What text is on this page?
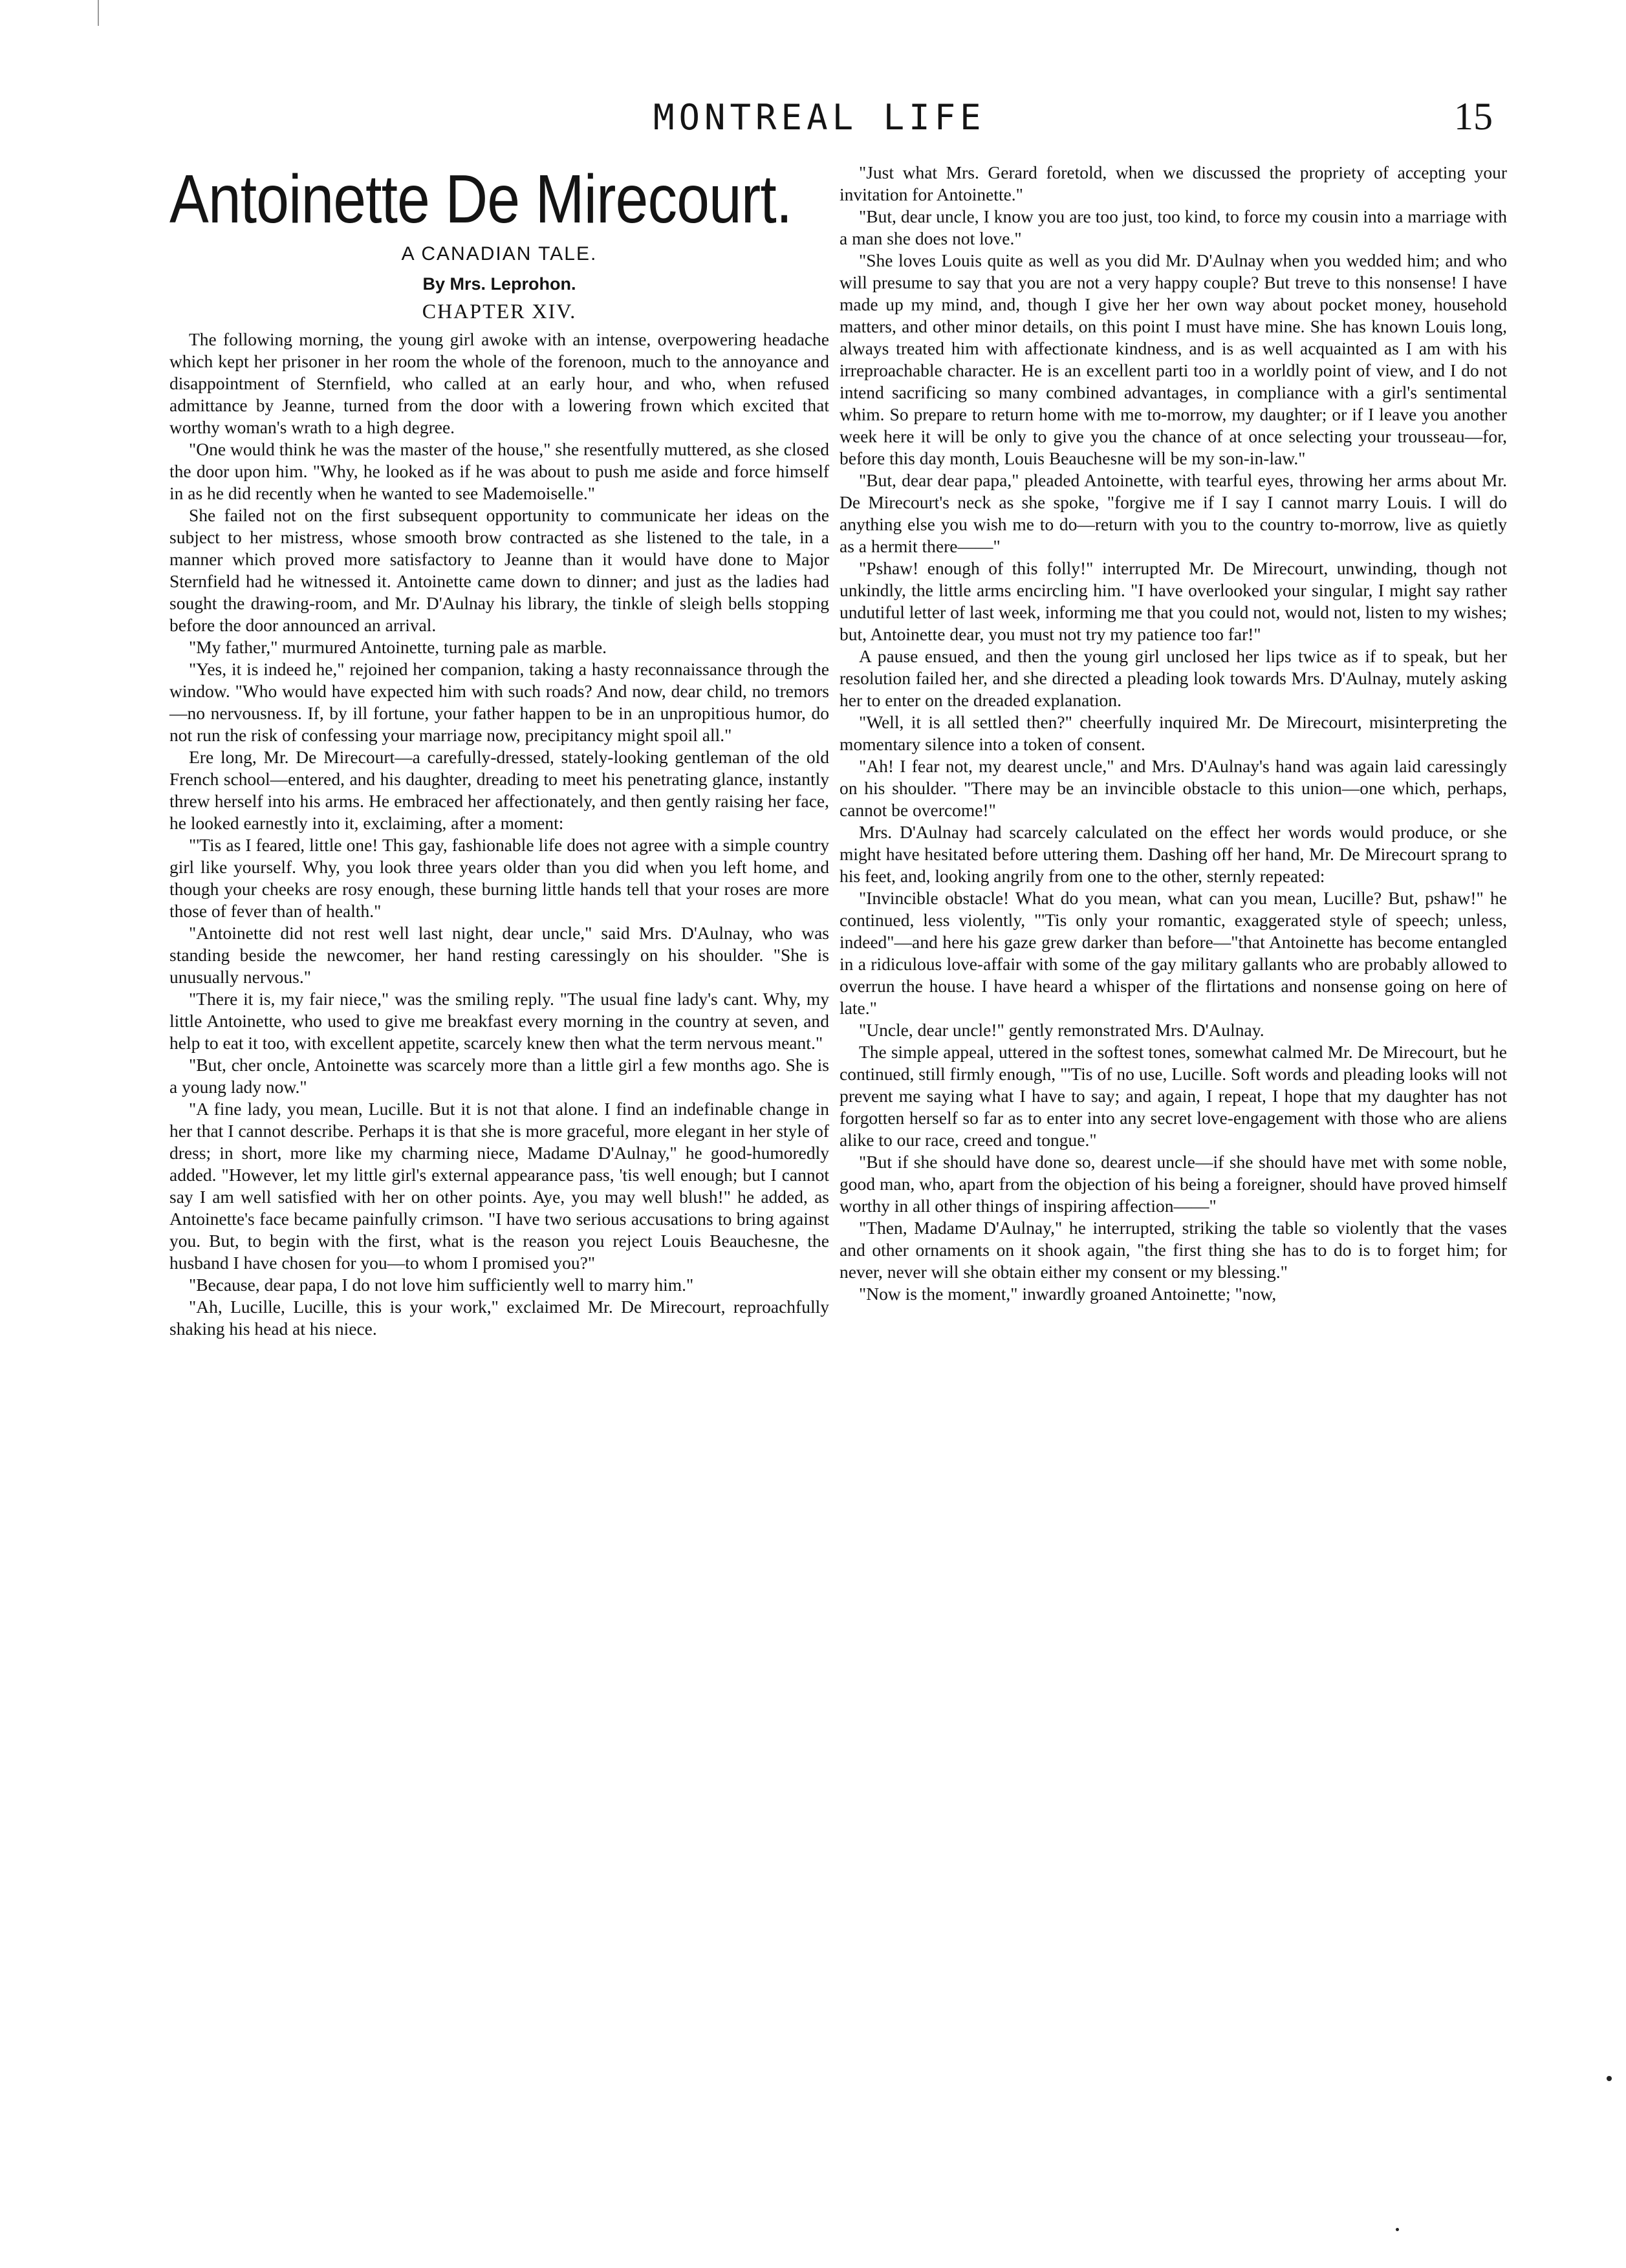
MONTREAL LIFE	15
Antoinette De Mirecourt.
A CANADIAN TALE.
By Mrs. Leprohon.
CHAPTER XIV.

The following morning, the young girl awoke with an intense, overpowering headache which kept her prisoner in her room the whole of the forenoon, much to the annoyance and disappointment of Sternfield, who called at an early hour, and who, when refused admittance by Jeanne, turned from the door with a lowering frown which excited that worthy woman's wrath to a high degree.

"One would think he was the master of the house," she resentfully muttered, as she closed the door upon him. "Why, he looked as if he was about to push me aside and force himself in as he did recently when he wanted to see Mademoiselle."

She failed not on the first subsequent opportunity to communicate her ideas on the subject to her mistress, whose smooth brow contracted as she listened to the tale, in a manner which proved more satisfactory to Jeanne than it would have done to Major Sternfield had he witnessed it. Antoinette came down to dinner; and just as the ladies had sought the drawing-room, and Mr. D'Aulnay his library, the tinkle of sleigh bells stopping before the door announced an arrival.

"My father," murmured Antoinette, turning pale as marble.

"Yes, it is indeed he," rejoined her companion, taking a hasty reconnaissance through the window. "Who would have expected him with such roads? And now, dear child, no tremors—no nervousness. If, by ill fortune, your father happen to be in an unpropitious humor, do not run the risk of confessing your marriage now, precipitancy might spoil all."

Ere long, Mr. De Mirecourt—a carefully-dressed, stately-looking gentleman of the old French school—entered, and his daughter, dreading to meet his penetrating glance, instantly threw herself into his arms. He embraced her affectionately, and then gently raising her face, he looked earnestly into it, exclaiming, after a moment:

"'Tis as I feared, little one! This gay, fashionable life does not agree with a simple country girl like yourself. Why, you look three years older than you did when you left home, and though your cheeks are rosy enough, these burning little hands tell that your roses are more those of fever than of health."

"Antoinette did not rest well last night, dear uncle," said Mrs. D'Aulnay, who was standing beside the newcomer, her hand resting caressingly on his shoulder. "She is unusually nervous."

"There it is, my fair niece," was the smiling reply. "The usual fine lady's cant. Why, my little Antoinette, who used to give me breakfast every morning in the country at seven, and help to eat it too, with excellent appetite, scarcely knew then what the term nervous meant."

"But, cher oncle, Antoinette was scarcely more than a little girl a few months ago. She is a young lady now."

"A fine lady, you mean, Lucille. But it is not that alone. I find an indefinable change in her that I cannot describe. Perhaps it is that she is more graceful, more elegant in her style of dress; in short, more like my charming niece, Madame D'Aulnay," he good-humoredly added. "However, let my little girl's external appearance pass, 'tis well enough; but I cannot say I am well satisfied with her on other points. Aye, you may well blush!" he added, as Antoinette's face became painfully crimson. "I have two serious accusations to bring against you. But, to begin with the first, what is the reason you reject Louis Beauchesne, the husband I have chosen for you—to whom I promised you?"

"Because, dear papa, I do not love him sufficiently well to marry him."

"Ah, Lucille, Lucille, this is your work," exclaimed Mr. De Mirecourt, reproachfully shaking his head at his niece.

"Just what Mrs. Gerard foretold, when we discussed the propriety of accepting your invitation for Antoinette."

"But, dear uncle, I know you are too just, too kind, to force my cousin into a marriage with a man she does not love."

"She loves Louis quite as well as you did Mr. D'Aulnay when you wedded him; and who will presume to say that you are not a very happy couple? But treve to this nonsense! I have made up my mind, and, though I give her her own way about pocket money, household matters, and other minor details, on this point I must have mine. She has known Louis long, always treated him with affectionate kindness, and is as well acquainted as I am with his irreproachable character. He is an excellent parti too in a worldly point of view, and I do not intend sacrificing so many combined advantages, in compliance with a girl's sentimental whim. So prepare to return home with me to-morrow, my daughter; or if I leave you another week here it will be only to give you the chance of at once selecting your trousseau—for, before this day month, Louis Beauchesne will be my son-in-law."

"But, dear dear papa," pleaded Antoinette, with tearful eyes, throwing her arms about Mr. De Mirecourt's neck as she spoke, "forgive me if I say I cannot marry Louis. I will do anything else you wish me to do—return with you to the country to-morrow, live as quietly as a hermit there——"

"Pshaw! enough of this folly!" interrupted Mr. De Mirecourt, unwinding, though not unkindly, the little arms encircling him. "I have overlooked your singular, I might say rather undutiful letter of last week, informing me that you could not, would not, listen to my wishes; but, Antoinette dear, you must not try my patience too far!"

A pause ensued, and then the young girl unclosed her lips twice as if to speak, but her resolution failed her, and she directed a pleading look towards Mrs. D'Aulnay, mutely asking her to enter on the dreaded explanation.

"Well, it is all settled then?" cheerfully inquired Mr. De Mirecourt, misinterpreting the momentary silence into a token of consent.

"Ah! I fear not, my dearest uncle," and Mrs. D'Aulnay's hand was again laid caressingly on his shoulder. "There may be an invincible obstacle to this union—one which, perhaps, cannot be overcome!"

Mrs. D'Aulnay had scarcely calculated on the effect her words would produce, or she might have hesitated before uttering them. Dashing off her hand, Mr. De Mirecourt sprang to his feet, and, looking angrily from one to the other, sternly repeated:

"Invincible obstacle! What do you mean, what can you mean, Lucille? But, pshaw!" he continued, less violently, "'Tis only your romantic, exaggerated style of speech; unless, indeed"—and here his gaze grew darker than before—"that Antoinette has become entangled in a ridiculous love-affair with some of the gay military gallants who are probably allowed to overrun the house. I have heard a whisper of the flirtations and nonsense going on here of late."

"Uncle, dear uncle!" gently remonstrated Mrs. D'Aulnay.

The simple appeal, uttered in the softest tones, somewhat calmed Mr. De Mirecourt, but he continued, still firmly enough, "'Tis of no use, Lucille. Soft words and pleading looks will not prevent me saying what I have to say; and again, I repeat, I hope that my daughter has not forgotten herself so far as to enter into any secret love-engagement with those who are aliens alike to our race, creed and tongue."

"But if she should have done so, dearest uncle—if she should have met with some noble, good man, who, apart from the objection of his being a foreigner, should have proved himself worthy in all other things of inspiring affection——"

"Then, Madame D'Aulnay," he interrupted, striking the table so violently that the vases and other ornaments on it shook again, "the first thing she has to do is to forget him; for never, never will she obtain either my consent or my blessing."

"Now is the moment," inwardly groaned Antoinette; "now,
